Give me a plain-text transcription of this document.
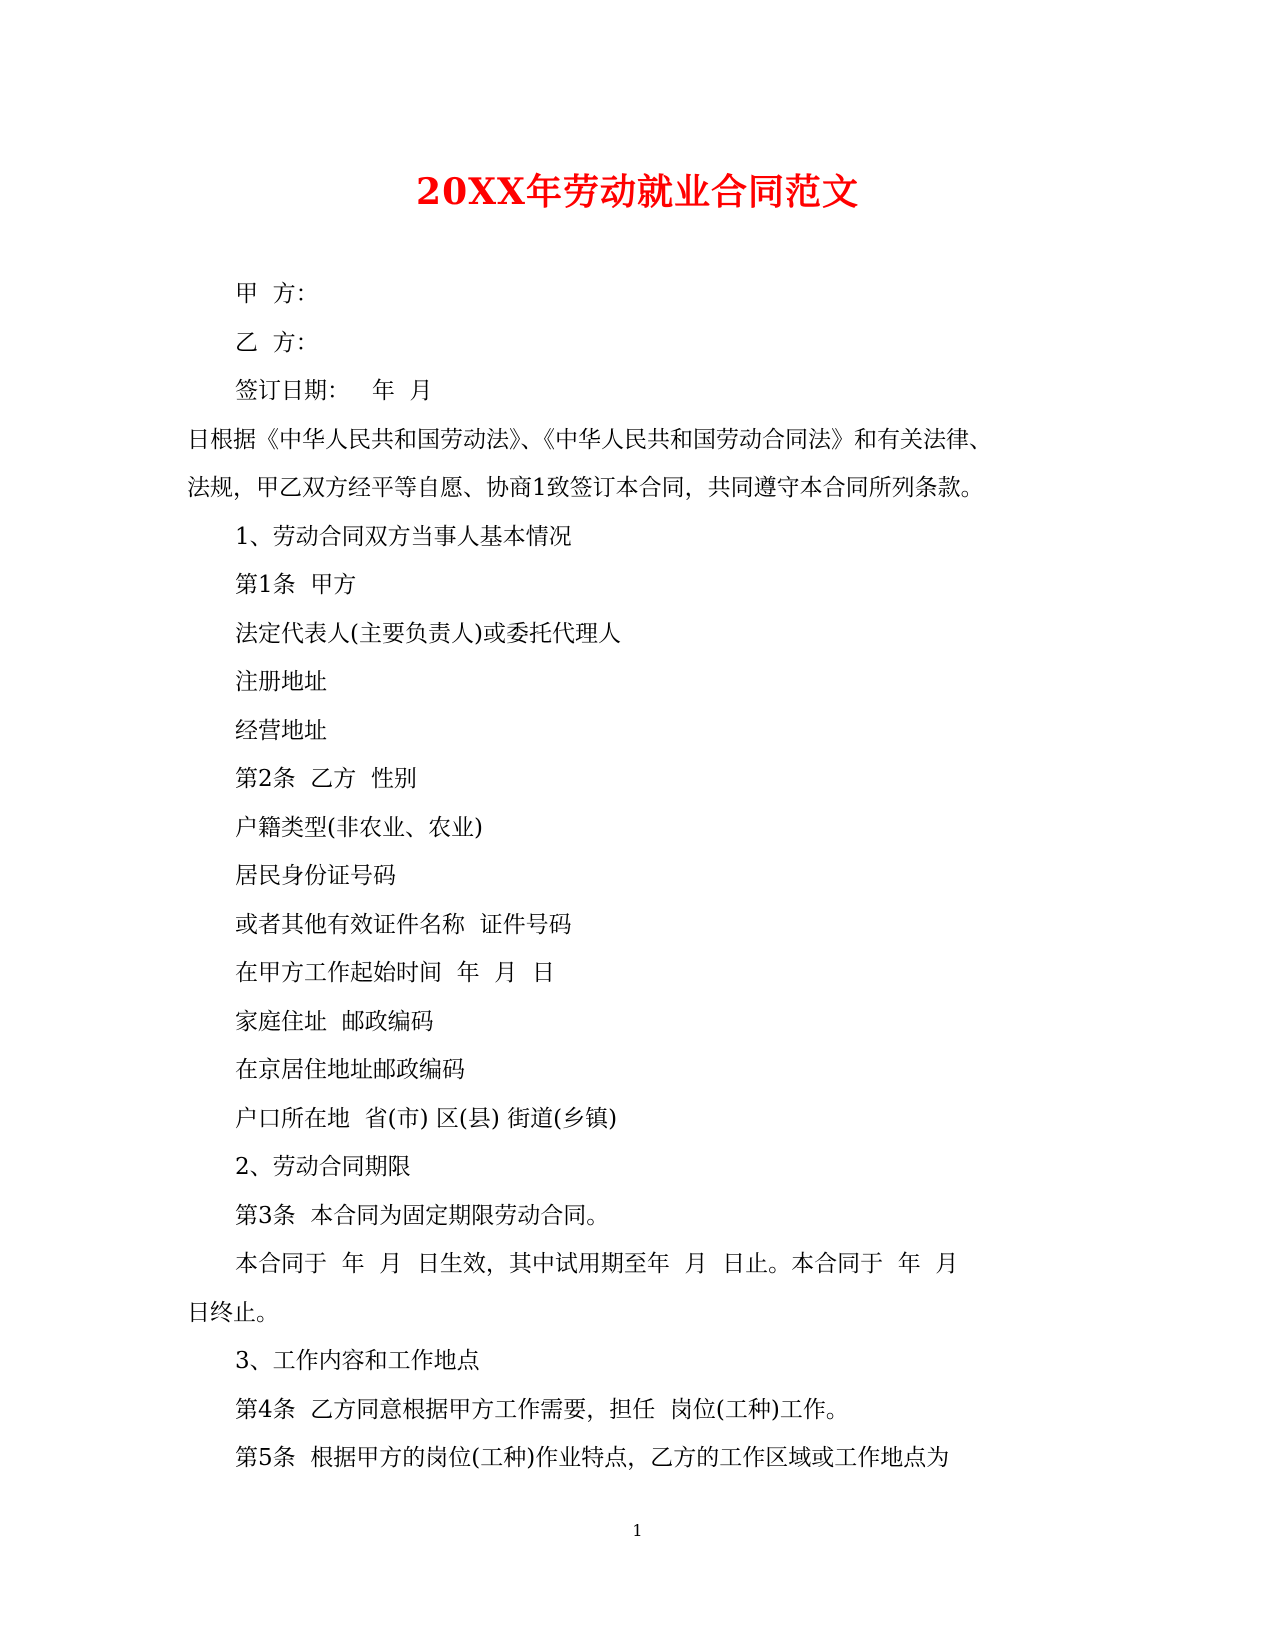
20XX年劳动就业合同范文
甲  方：
乙  方：
签订日期：   年  月
日根据《中华人民共和国劳动法》、《中华人民共和国劳动合同法》和有关法律、
法规，甲乙双方经平等自愿、协商1致签订本合同，共同遵守本合同所列条款。
1、劳动合同双方当事人基本情况
第1条  甲方
法定代表人(主要负责人)或委托代理人
注册地址
经营地址
第2条  乙方  性别
户籍类型(非农业、农业)
居民身份证号码
或者其他有效证件名称  证件号码
在甲方工作起始时间  年  月  日
家庭住址  邮政编码
在京居住地址邮政编码
户口所在地  省(市) 区(县) 街道(乡镇)
2、劳动合同期限
第3条  本合同为固定期限劳动合同。
本合同于  年  月  日生效，其中试用期至年  月  日止。本合同于  年  月
日终止。
3、工作内容和工作地点
第4条  乙方同意根据甲方工作需要，担任  岗位(工种)工作。
第5条  根据甲方的岗位(工种)作业特点，乙方的工作区域或工作地点为
1
